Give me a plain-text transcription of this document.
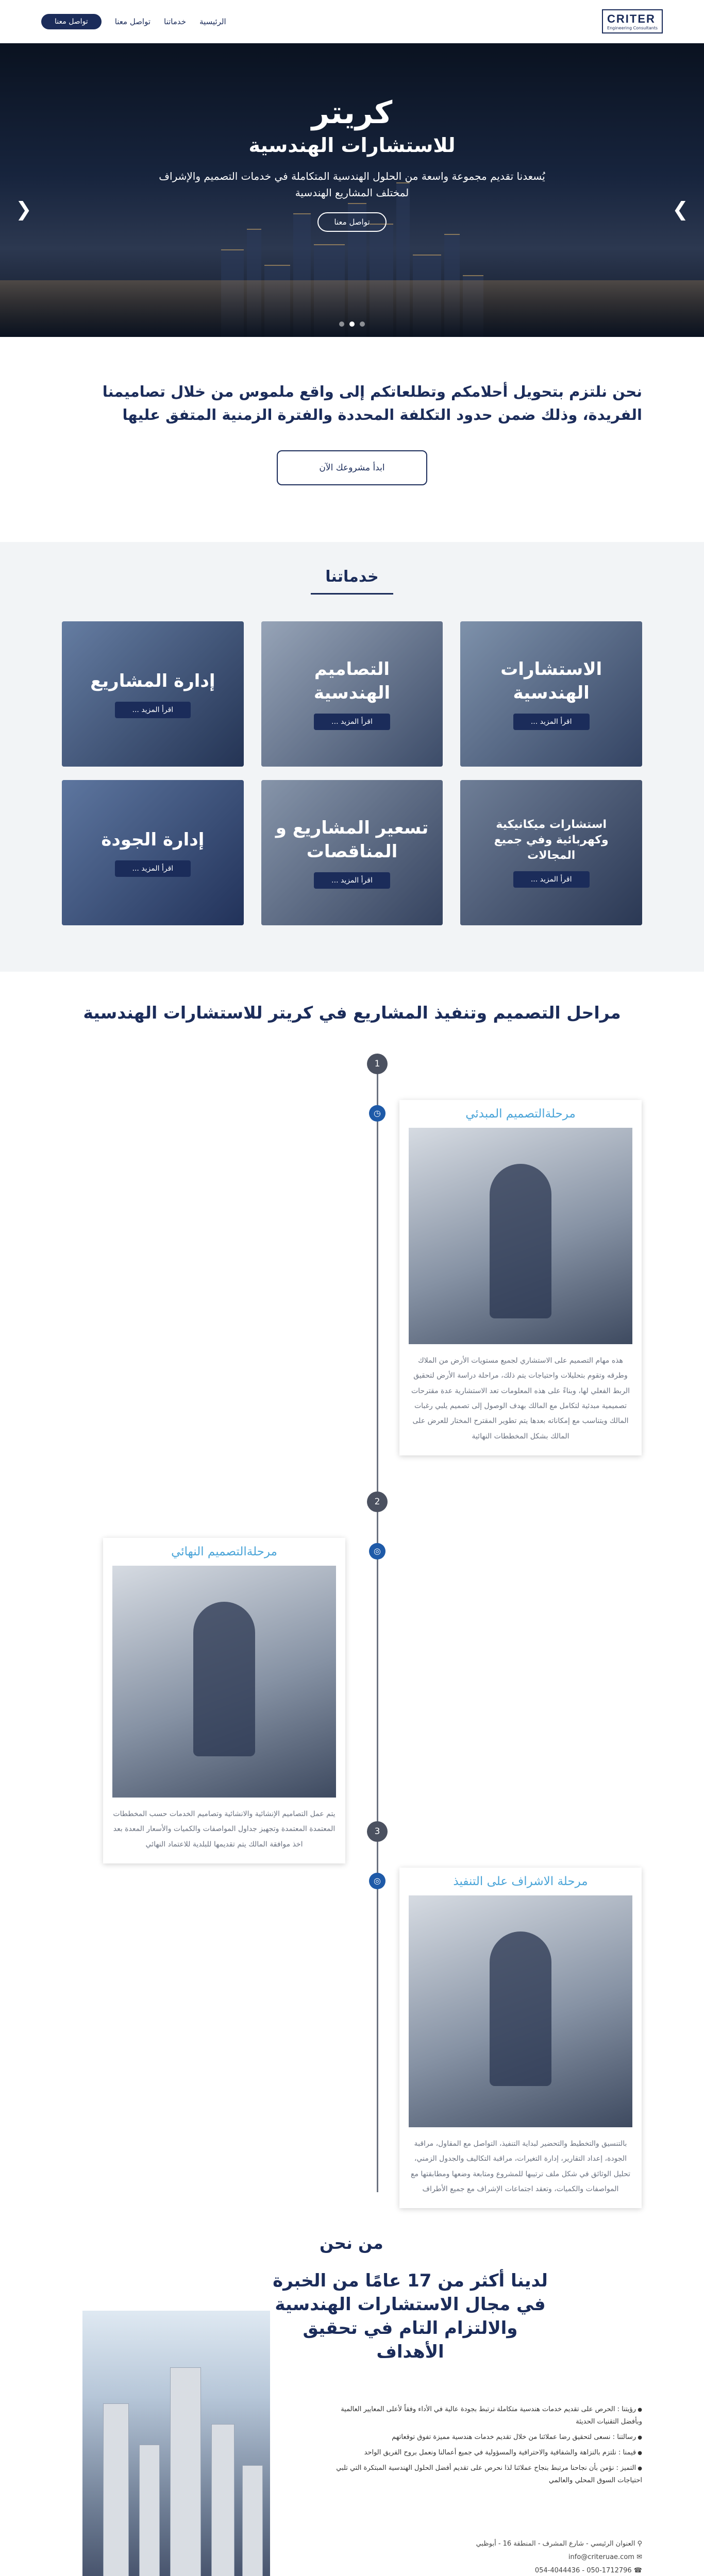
CRITER
Engineering Consultants
الرئيسية
خدماتنا
تواصل معنا
تواصل معنا
كريتر
للاستشارات الهندسية

يُسعدنا تقديم مجموعة واسعة من الحلول الهندسية المتكاملة في خدمات التصميم والإشراف لمختلف المشاريع الهندسية

تواصل معنا
❯
❮
نحن نلتزم بتحويل أحلامكم وتطلعاتكم إلى واقع ملموس من خلال تصاميمنا الفريدة، وذلك ضمن حدود التكلفة المحددة والفترة الزمنية المتفق عليها
ابدأ مشروعك الآن
خدماتنا
الاستشارات الهندسية
اقرأ المزيد ...
التصاميم الهندسية
اقرأ المزيد ...
إدارة المشاريع
اقرأ المزيد ...
استشارات ميكانيكية وكهربائية وفي جميع المجالات
اقرأ المزيد ...
تسعير المشاريع و المناقصات
اقرأ المزيد ...
إدارة الجودة
اقرأ المزيد ...
مراحل التصميم وتنفيذ المشاريع في كريتر للاستشارات الهندسية
1
◷	مرحلةالتصميم المبدئي
هذه مهام التصميم على الاستشاري لجميع مستويات الأرض من الملاك وطرقه وتقوم بتحليلات واحتياجات يتم ذلك، مراحلة دراسة الأرض لتحقيق الربط الفعلي لها، وبناءً على هذه المعلومات تعد الاستشارية عدة مقترحات تصميمية مبدئية لتكامل مع المالك بهدف الوصول إلى تصميم يلبي رغبات المالك ويتناسب مع إمكاناته بعدها يتم تطوير المقترح المختار للعرض على المالك بشكل المخططات النهائية
2
◎
مرحلةالتصميم النهائي
يتم عمل التصاميم الإنشائية والانشائية وتصاميم الخدمات حسب المخططات المعتمدة المعتمدة وتجهيز جداول المواصفات والكميات والأسعار المعدة بعد اخذ موافقة المالك يتم تقديمها للبلدية للاعتماد النهائي
3
◎	مرحلة الاشراف على التنفيذ
بالتنسيق والتخطيط والتحضير لبداية التنفيذ، التواصل مع المقاول، مراقبة الجودة، إعداد التقارير، إدارة التغيرات، مراقبة التكاليف والجدول الزمني، تحليل الوثائق في شكل ملف ترتيبها للمشروع ومتابعة وضعها ومطابقتها مع المواصفات والكميات، وتعقد اجتماعات الإشراف مع جميع الأطراف
من نحن
لدينا أكثر من 17 عامًا من الخبرة في مجال الاستشارات الهندسية والالتزام التام في تحقيق الأهداف
● رؤيتنا : الحرص على تقديم خدمات هندسية متكاملة ترتبط بجودة عالية في الأداء وفقاً لأعلى المعايير العالمية وبأفضل التقنيات الحديثة
● رسالتنا : نسعى لتحقيق رضا عملائنا من خلال تقديم خدمات هندسية مميزة تفوق توقعاتهم
● قيمنا : نلتزم بالنزاهة والشفافية والاحترافية والمسؤولية في جميع أعمالنا ونعمل بروح الفريق الواحد
● التميز : نؤمن بأن نجاحنا مرتبط بنجاح عملائنا لذا نحرص على تقديم أفضل الحلول الهندسية المبتكرة التي تلبي احتياجات السوق المحلي والعالمي
⚲ العنوان الرئيسي - شارع المشرف - المنطقة 16 - أبوظبي
✉ info@criteruae.com
☎ 050-1712796 - 054-4044436
